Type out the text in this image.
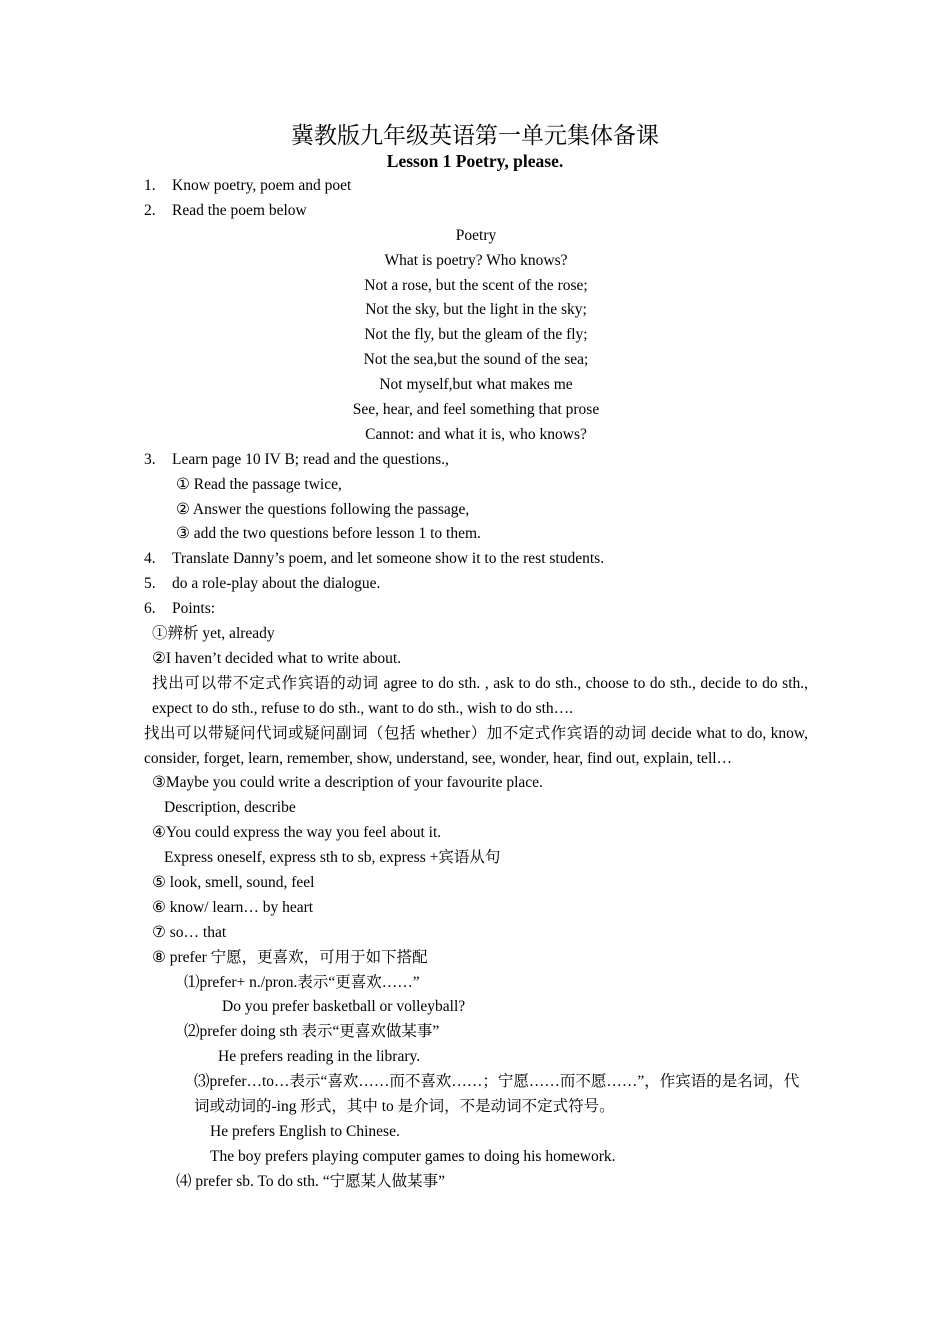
冀教版九年级英语第一单元集体备课
Lesson 1 Poetry, please.
1. Know poetry, poem and poet
2. Read the poem below
Poetry
What is poetry? Who knows?
Not a rose, but the scent of the rose;
Not the sky, but the light in the sky;
Not the fly, but the gleam of the fly;
Not the sea,but the sound of the sea;
Not myself,but what makes me
See, hear, and feel something that prose
Cannot: and what it is, who knows?
3. Learn page 10 IV B; read and the questions.,
① Read the passage twice,
② Answer the questions following the passage,
③ add the two questions before lesson 1 to them.
4. Translate Danny’s poem, and let someone show it to the rest students.
5. do a role-play about the dialogue.
6. Points:
①辨析 yet, already
②I haven’t decided what to write about.
找出可以带不定式作宾语的动词 agree to do sth. , ask to do sth., choose to do sth., decide to do sth., expect to do sth., refuse to do sth., want to do sth., wish to do sth….
找出可以带疑问代词或疑问副词（包括 whether）加不定式作宾语的动词 decide what to do, know, consider, forget, learn, remember, show, understand, see, wonder, hear, find out, explain, tell…
③Maybe you could write a description of your favourite place.
Description, describe
④You could express the way you feel about it.
Express oneself, express sth to sb, express +宾语从句
⑤ look, smell, sound, feel
⑥ know/ learn… by heart
⑦ so… that
⑧ prefer 宁愿，更喜欢，可用于如下搭配
⑴prefer+ n./pron.表示“更喜欢……”
Do you prefer basketball or volleyball?
⑵prefer doing sth 表示“更喜欢做某事”
He prefers reading in the library.
⑶prefer…to…表示“喜欢……而不喜欢……；宁愿……而不愿……”，作宾语的是名词，代词或动词的-ing 形式，其中 to 是介词，不是动词不定式符号。
He prefers English to Chinese.
The boy prefers playing computer games to doing his homework.
⑷ prefer sb. To do sth. “宁愿某人做某事”
